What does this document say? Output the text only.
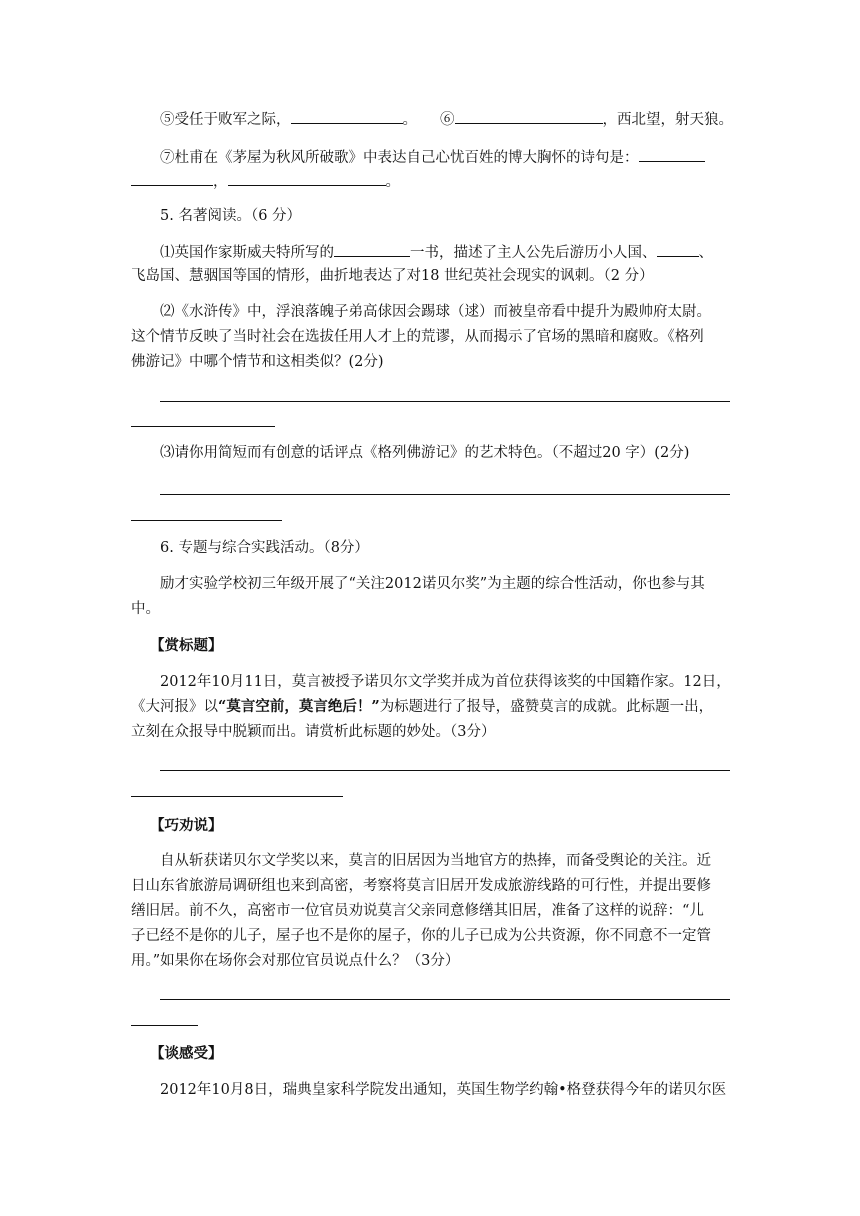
⑤受任于败军之际，	。 ⑥	，西北望，射天狼。
⑦杜甫在《茅屋为秋风所破歌》中表达自己心忧百姓的博大胸怀的诗句是：
，	。
5. 名著阅读。（6 分）
⑴英国作家斯威夫特所写的	一书，描述了主人公先后游历小人国、	、
飞岛国、慧骃国等国的情形，曲折地表达了对18 世纪英社会现实的讽刺。（2 分）
⑵《水浒传》中，浮浪落魄子弟高俅因会踢球（逑）而被皇帝看中提升为殿帅府太尉。
这个情节反映了当时社会在选拔任用人才上的荒谬，从而揭示了官场的黑暗和腐败。《格列
佛游记》中哪个情节和这相类似？(2分)
⑶请你用简短而有创意的话评点《格列佛游记》的艺术特色。（不超过20 字）(2分)
6. 专题与综合实践活动。（8分）
励才实验学校初三年级开展了“关注2012诺贝尔奖”为主题的综合性活动，你也参与其
中。
【赏标题】
2012年10月11日，莫言被授予诺贝尔文学奖并成为首位获得该奖的中国籍作家。12日，
《大河报》以“莫言空前，莫言绝后！”为标题进行了报导，盛赞莫言的成就。此标题一出，
立刻在众报导中脱颖而出。请赏析此标题的妙处。（3分）
【巧劝说】
自从斩获诺贝尔文学奖以来，莫言的旧居因为当地官方的热捧，而备受舆论的关注。近
日山东省旅游局调研组也来到高密，考察将莫言旧居开发成旅游线路的可行性，并提出要修
缮旧居。前不久，高密市一位官员劝说莫言父亲同意修缮其旧居，准备了这样的说辞：“儿
子已经不是你的儿子，屋子也不是你的屋子，你的儿子已成为公共资源，你不同意不一定管
用。”如果你在场你会对那位官员说点什么？（3分）
【谈感受】
2012年10月8日，瑞典皇家科学院发出通知，英国生物学约翰•格登获得今年的诺贝尔医
